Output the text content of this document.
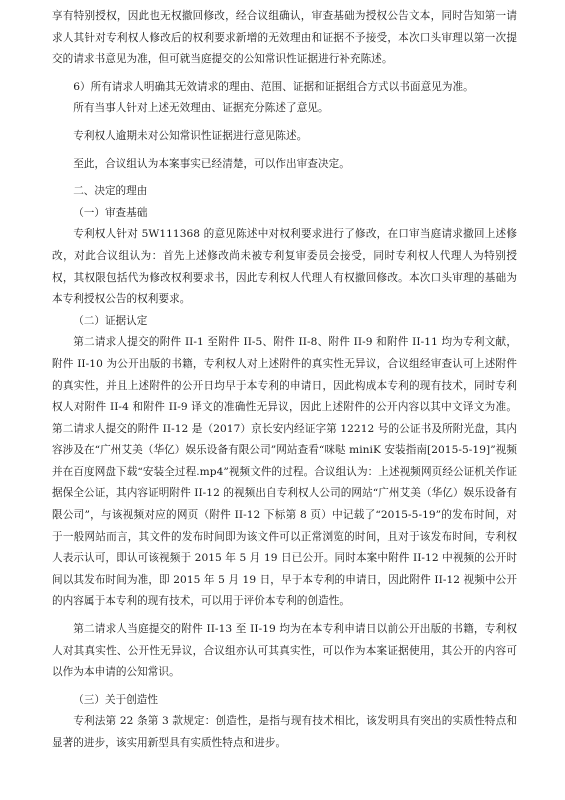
享有特别授权，因此也无权撤回修改，经合议组确认，审查基础为授权公告文本，同时告知第一请求人其针对专利权人修改后的权利要求新增的无效理由和证据不予接受，本次口头审理以第一次提交的请求书意见为准，但可就当庭提交的公知常识性证据进行补充陈述。

6）所有请求人明确其无效请求的理由、范围、证据和证据组合方式以书面意见为准。

所有当事人针对上述无效理由、证据充分陈述了意见。

专利权人逾期未对公知常识性证据进行意见陈述。

至此，合议组认为本案事实已经清楚，可以作出审查决定。

二、决定的理由

（一）审查基础

专利权人针对 5W111368 的意见陈述中对权利要求进行了修改，在口审当庭请求撤回上述修改，对此合议组认为：首先上述修改尚未被专利复审委员会接受，同时专利权人代理人为特别授权，其权限包括代为修改权利要求书，因此专利权人代理人有权撤回修改。本次口头审理的基础为本专利授权公告的权利要求。

（二）证据认定

第二请求人提交的附件 II-1 至附件 II-5、附件 II-8、附件 II-9 和附件 II-11 均为专利文献，附件 II-10 为公开出版的书籍，专利权人对上述附件的真实性无异议，合议组经审查认可上述附件的真实性，并且上述附件的公开日均早于本专利的申请日，因此构成本专利的现有技术，同时专利权人对附件 II-4 和附件 II-9 译文的准确性无异议，因此上述附件的公开内容以其中文译文为准。第二请求人提交的附件 II-12 是（2017）京长安内经证字第 12212 号的公证书及所附光盘，其内容涉及在“广州艾美（华亿）娱乐设备有限公司”网站查看“咪哒 miniK 安装指南[2015-5-19]”视频并在百度网盘下载“安装全过程.mp4”视频文件的过程。合议组认为：上述视频网页经公证机关作证据保全公证，其内容证明附件 II-12 的视频出自专利权人公司的网站“广州艾美（华亿）娱乐设备有限公司”，与该视频对应的网页（附件 II-12 下标第 8 页）中记载了“2015-5-19”的发布时间，对于一般网站而言，其文件的发布时间即为该文件可以正常浏览的时间，且对于该发布时间，专利权人表示认可，即认可该视频于 2015 年 5 月 19 日已公开。同时本案中附件 II-12 中视频的公开时间以其发布时间为准，即 2015 年 5 月 19 日，早于本专利的申请日，因此附件 II-12 视频中公开的内容属于本专利的现有技术，可以用于评价本专利的创造性。

第二请求人当庭提交的附件 II-13 至 II-19 均为在本专利申请日以前公开出版的书籍，专利权人对其真实性、公开性无异议，合议组亦认可其真实性，可以作为本案证据使用，其公开的内容可以作为本申请的公知常识。

（三）关于创造性

专利法第 22 条第 3 款规定：创造性，是指与现有技术相比，该发明具有突出的实质性特点和显著的进步，该实用新型具有实质性特点和进步。
